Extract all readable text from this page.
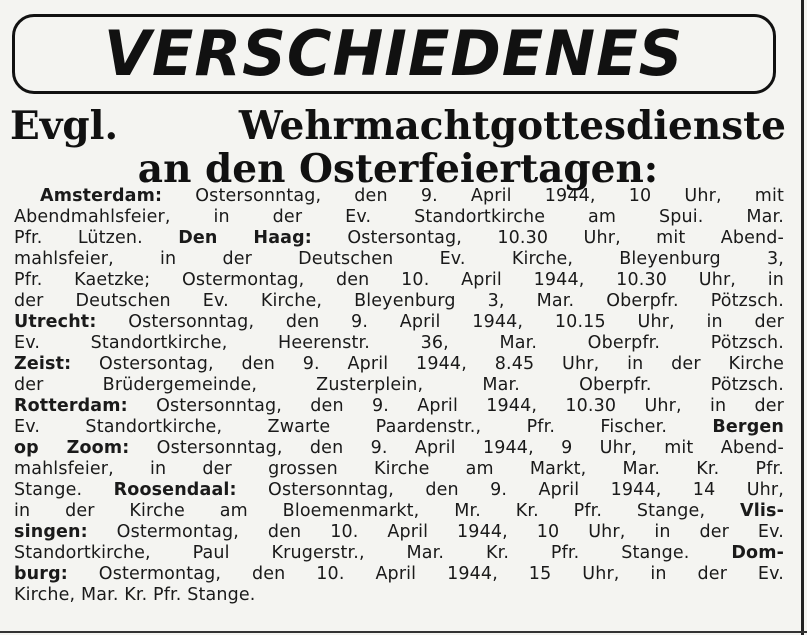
VERSCHIEDENES
Evgl.	Wehrmachtgottesdienste
an den Osterfeiertagen:
Amsterdam: Ostersonntag, den 9. April 1944, 10 Uhr, mit
Abendmahlsfeier, in der Ev. Standortkirche am Spui. Mar.
Pfr. Lützen. Den Haag: Ostersontag, 10.30 Uhr, mit Abend-
mahlsfeier, in der Deutschen Ev. Kirche, Bleyenburg 3,
Pfr. Kaetzke; Ostermontag, den 10. April 1944, 10.30 Uhr, in
der Deutschen Ev. Kirche, Bleyenburg 3, Mar. Oberpfr. Pötzsch.
Utrecht: Ostersonntag, den 9. April 1944, 10.15 Uhr, in der
Ev. Standortkirche, Heerenstr. 36, Mar. Oberpfr. Pötzsch.
Zeist: Ostersontag, den 9. April 1944, 8.45 Uhr, in der Kirche
der Brüdergemeinde, Zusterplein, Mar. Oberpfr. Pötzsch.
Rotterdam: Ostersonntag, den 9. April 1944, 10.30 Uhr, in der
Ev. Standortkirche, Zwarte Paardenstr., Pfr. Fischer. Bergen
op Zoom: Ostersonntag, den 9. April 1944, 9 Uhr, mit Abend-
mahlsfeier, in der grossen Kirche am Markt, Mar. Kr. Pfr.
Stange. Roosendaal: Ostersonntag, den 9. April 1944, 14 Uhr,
in der Kirche am Bloemenmarkt, Mr. Kr. Pfr. Stange, Vlis-
singen: Ostermontag, den 10. April 1944, 10 Uhr, in der Ev.
Standortkirche, Paul Krugerstr., Mar. Kr. Pfr. Stange. Dom-
burg: Ostermontag, den 10. April 1944, 15 Uhr, in der Ev.
Kirche, Mar. Kr. Pfr. Stange.
